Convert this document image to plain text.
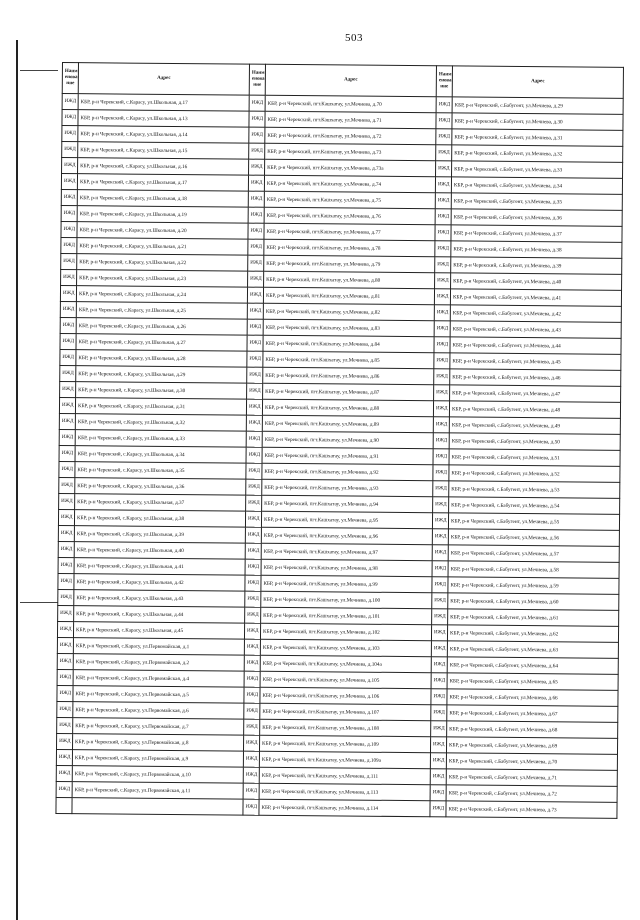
503
Наим енова ние	Адрес	Наим енова ние	Адрес	Наим енова ние	Адрес
ИЖД	КБР, р-н Черекский, с.Карасу, ул.Школьная, д.17	ИЖД	КБР, р-н Черекский, пгт.Кашхатау, ул.Мечиева, д.70	ИЖД	КБР, р-н Черекский, с.Бабугент, ул.Мечиева, д.29
ИЖД	КБР, р-н Черекский, с.Карасу, ул.Школьная, д.13	ИЖД	КБР, р-н Черекский, пгт.Кашхатау, ул.Мечиева, д.71	ИЖД	КБР, р-н Черекский, с.Бабугент, ул.Мечиева, д.30
ИЖД	КБР, р-н Черекский, с.Карасу, ул.Школьная, д.14	ИЖД	КБР, р-н Черекский, пгт.Кашхатау, ул.Мечиева, д.72	ИЖД	КБР, р-н Черекский, с.Бабугент, ул.Мечиева, д.31
ИЖД	КБР, р-н Черекский, с.Карасу, ул.Школьная, д.15	ИЖД	КБР, р-н Черекский, пгт.Кашхатау, ул.Мечиева, д.73	ИЖД	КБР, р-н Черекский, с.Бабугент, ул.Мечиева, д.32
ИЖД	КБР, р-н Черекский, с.Карасу, ул.Школьная, д.16	ИЖД	КБР, р-н Черекский, пгт.Кашхатау, ул.Мечиева, д.73а	ИЖД	КБР, р-н Черекский, с.Бабугент, ул.Мечиева, д.33
ИЖД	КБР, р-н Черекский, с.Карасу, ул.Школьная, д.17	ИЖД	КБР, р-н Черекский, пгт.Кашхатау, ул.Мечиева, д.74	ИЖД	КБР, р-н Черекский, с.Бабугент, ул.Мечиева, д.34
ИЖД	КБР, р-н Черекский, с.Карасу, ул.Школьная, д.18	ИЖД	КБР, р-н Черекский, пгт.Кашхатау, ул.Мечиева, д.75	ИЖД	КБР, р-н Черекский, с.Бабугент, ул.Мечиева, д.35
ИЖД	КБР, р-н Черекский, с.Карасу, ул.Школьная, д.19	ИЖД	КБР, р-н Черекский, пгт.Кашхатау, ул.Мечиева, д.76	ИЖД	КБР, р-н Черекский, с.Бабугент, ул.Мечиева, д.36
ИЖД	КБР, р-н Черекский, с.Карасу, ул.Школьная, д.20	ИЖД	КБР, р-н Черекский, пгт.Кашхатау, ул.Мечиева, д.77	ИЖД	КБР, р-н Черекский, с.Бабугент, ул.Мечиева, д.37
ИЖД	КБР, р-н Черекский, с.Карасу, ул.Школьная, д.21	ИЖД	КБР, р-н Черекский, пгт.Кашхатау, ул.Мечиева, д.78	ИЖД	КБР, р-н Черекский, с.Бабугент, ул.Мечиева, д.38
ИЖД	КБР, р-н Черекский, с.Карасу, ул.Школьная, д.22	ИЖД	КБР, р-н Черекский, пгт.Кашхатау, ул.Мечиева, д.79	ИЖД	КБР, р-н Черекский, с.Бабугент, ул.Мечиева, д.39
ИЖД	КБР, р-н Черекский, с.Карасу, ул.Школьная, д.23	ИЖД	КБР, р-н Черекский, пгт.Кашхатау, ул.Мечиева, д.80	ИЖД	КБР, р-н Черекский, с.Бабугент, ул.Мечиева, д.40
ИЖД	КБР, р-н Черекский, с.Карасу, ул.Школьная, д.24	ИЖД	КБР, р-н Черекский, пгт.Кашхатау, ул.Мечиева, д.81	ИЖД	КБР, р-н Черекский, с.Бабугент, ул.Мечиева, д.41
ИЖД	КБР, р-н Черекский, с.Карасу, ул.Школьная, д.25	ИЖД	КБР, р-н Черекский, пгт.Кашхатау, ул.Мечиева, д.82	ИЖД	КБР, р-н Черекский, с.Бабугент, ул.Мечиева, д.42
ИЖД	КБР, р-н Черекский, с.Карасу, ул.Школьная, д.26	ИЖД	КБР, р-н Черекский, пгт.Кашхатау, ул.Мечиева, д.83	ИЖД	КБР, р-н Черекский, с.Бабугент, ул.Мечиева, д.43
ИЖД	КБР, р-н Черекский, с.Карасу, ул.Школьная, д.27	ИЖД	КБР, р-н Черекский, пгт.Кашхатау, ул.Мечиева, д.84	ИЖД	КБР, р-н Черекский, с.Бабугент, ул.Мечиева, д.44
ИЖД	КБР, р-н Черекский, с.Карасу, ул.Школьная, д.28	ИЖД	КБР, р-н Черекский, пгт.Кашхатау, ул.Мечиева, д.85	ИЖД	КБР, р-н Черекский, с.Бабугент, ул.Мечиева, д.45
ИЖД	КБР, р-н Черекский, с.Карасу, ул.Школьная, д.29	ИЖД	КБР, р-н Черекский, пгт.Кашхатау, ул.Мечиева, д.86	ИЖД	КБР, р-н Черекский, с.Бабугент, ул.Мечиева, д.46
ИЖД	КБР, р-н Черекский, с.Карасу, ул.Школьная, д.30	ИЖД	КБР, р-н Черекский, пгт.Кашхатау, ул.Мечиева, д.87	ИЖД	КБР, р-н Черекский, с.Бабугент, ул.Мечиева, д.47
ИЖД	КБР, р-н Черекский, с.Карасу, ул.Школьная, д.31	ИЖД	КБР, р-н Черекский, пгт.Кашхатау, ул.Мечиева, д.88	ИЖД	КБР, р-н Черекский, с.Бабугент, ул.Мечиева, д.48
ИЖД	КБР, р-н Черекский, с.Карасу, ул.Школьная, д.32	ИЖД	КБР, р-н Черекский, пгт.Кашхатау, ул.Мечиева, д.89	ИЖД	КБР, р-н Черекский, с.Бабугент, ул.Мечиева, д.49
ИЖД	КБР, р-н Черекский, с.Карасу, ул.Школьная, д.33	ИЖД	КБР, р-н Черекский, пгт.Кашхатау, ул.Мечиева, д.90	ИЖД	КБР, р-н Черекский, с.Бабугент, ул.Мечиева, д.50
ИЖД	КБР, р-н Черекский, с.Карасу, ул.Школьная, д.34	ИЖД	КБР, р-н Черекский, пгт.Кашхатау, ул.Мечиева, д.91	ИЖД	КБР, р-н Черекский, с.Бабугент, ул.Мечиева, д.51
ИЖД	КБР, р-н Черекский, с.Карасу, ул.Школьная, д.35	ИЖД	КБР, р-н Черекский, пгт.Кашхатау, ул.Мечиева, д.92	ИЖД	КБР, р-н Черекский, с.Бабугент, ул.Мечиева, д.52
ИЖД	КБР, р-н Черекский, с.Карасу, ул.Школьная, д.36	ИЖД	КБР, р-н Черекский, пгт.Кашхатау, ул.Мечиева, д.93	ИЖД	КБР, р-н Черекский, с.Бабугент, ул.Мечиева, д.53
ИЖД	КБР, р-н Черекский, с.Карасу, ул.Школьная, д.37	ИЖД	КБР, р-н Черекский, пгт.Кашхатау, ул.Мечиева, д.94	ИЖД	КБР, р-н Черекский, с.Бабугент, ул.Мечиева, д.54
ИЖД	КБР, р-н Черекский, с.Карасу, ул.Школьная, д.38	ИЖД	КБР, р-н Черекский, пгт.Кашхатау, ул.Мечиева, д.95	ИЖД	КБР, р-н Черекский, с.Бабугент, ул.Мечиева, д.55
ИЖД	КБР, р-н Черекский, с.Карасу, ул.Школьная, д.39	ИЖД	КБР, р-н Черекский, пгт.Кашхатау, ул.Мечиева, д.96	ИЖД	КБР, р-н Черекский, с.Бабугент, ул.Мечиева, д.56
ИЖД	КБР, р-н Черекский, с.Карасу, ул.Школьная, д.40	ИЖД	КБР, р-н Черекский, пгт.Кашхатау, ул.Мечиева, д.97	ИЖД	КБР, р-н Черекский, с.Бабугент, ул.Мечиева, д.57
ИЖД	КБР, р-н Черекский, с.Карасу, ул.Школьная, д.41	ИЖД	КБР, р-н Черекский, пгт.Кашхатау, ул.Мечиева, д.98	ИЖД	КБР, р-н Черекский, с.Бабугент, ул.Мечиева, д.58
ИЖД	КБР, р-н Черекский, с.Карасу, ул.Школьная, д.42	ИЖД	КБР, р-н Черекский, пгт.Кашхатау, ул.Мечиева, д.99	ИЖД	КБР, р-н Черекский, с.Бабугент, ул.Мечиева, д.59
ИЖД	КБР, р-н Черекский, с.Карасу, ул.Школьная, д.43	ИЖД	КБР, р-н Черекский, пгт.Кашхатау, ул.Мечиева, д.100	ИЖД	КБР, р-н Черекский, с.Бабугент, ул.Мечиева, д.60
ИЖД	КБР, р-н Черекский, с.Карасу, ул.Школьная, д.44	ИЖД	КБР, р-н Черекский, пгт.Кашхатау, ул.Мечиева, д.101	ИЖД	КБР, р-н Черекский, с.Бабугент, ул.Мечиева, д.61
ИЖД	КБР, р-н Черекский, с.Карасу, ул.Школьная, д.45	ИЖД	КБР, р-н Черекский, пгт.Кашхатау, ул.Мечиева, д.102	ИЖД	КБР, р-н Черекский, с.Бабугент, ул.Мечиева, д.62
ИЖД	КБР, р-н Черекский, с.Карасу, ул.Первомайская, д.1	ИЖД	КБР, р-н Черекский, пгт.Кашхатау, ул.Мечиева, д.103	ИЖД	КБР, р-н Черекский, с.Бабугент, ул.Мечиева, д.63
ИЖД	КБР, р-н Черекский, с.Карасу, ул.Первомайская, д.2	ИЖД	КБР, р-н Черекский, пгт.Кашхатау, ул.Мечиева, д.104а	ИЖД	КБР, р-н Черекский, с.Бабугент, ул.Мечиева, д.64
ИЖД	КБР, р-н Черекский, с.Карасу, ул.Первомайская, д.4	ИЖД	КБР, р-н Черекский, пгт.Кашхатау, ул.Мечиева, д.105	ИЖД	КБР, р-н Черекский, с.Бабугент, ул.Мечиева, д.65
ИЖД	КБР, р-н Черекский, с.Карасу, ул.Первомайская, д.5	ИЖД	КБР, р-н Черекский, пгт.Кашхатау, ул.Мечиева, д.106	ИЖД	КБР, р-н Черекский, с.Бабугент, ул.Мечиева, д.66
ИЖД	КБР, р-н Черекский, с.Карасу, ул.Первомайская, д.6	ИЖД	КБР, р-н Черекский, пгт.Кашхатау, ул.Мечиева, д.107	ИЖД	КБР, р-н Черекский, с.Бабугент, ул.Мечиева, д.67
ИЖД	КБР, р-н Черекский, с.Карасу, ул.Первомайская, д.7	ИЖД	КБР, р-н Черекский, пгт.Кашхатау, ул.Мечиева, д.108	ИЖД	КБР, р-н Черекский, с.Бабугент, ул.Мечиева, д.68
ИЖД	КБР, р-н Черекский, с.Карасу, ул.Первомайская, д.8	ИЖД	КБР, р-н Черекский, пгт.Кашхатау, ул.Мечиева, д.109	ИЖД	КБР, р-н Черекский, с.Бабугент, ул.Мечиева, д.69
ИЖД	КБР, р-н Черекский, с.Карасу, ул.Первомайская, д.9	ИЖД	КБР, р-н Черекский, пгт.Кашхатау, ул.Мечиева, д.109а	ИЖД	КБР, р-н Черекский, с.Бабугент, ул.Мечиева, д.70
ИЖД	КБР, р-н Черекский, с.Карасу, ул.Первомайская, д.10	ИЖД	КБР, р-н Черекский, пгт.Кашхатау, ул.Мечиева, д.111	ИЖД	КБР, р-н Черекский, с.Бабугент, ул.Мечиева, д.71
ИЖД	КБР, р-н Черекский, с.Карасу, ул.Первомайская, д.11	ИЖД	КБР, р-н Черекский, пгт.Кашхатау, ул.Мечиева, д.113	ИЖД	КБР, р-н Черекский, с.Бабугент, ул.Мечиева, д.72
		ИЖД	КБР, р-н Черекский, пгт.Кашхатау, ул.Мечиева, д.114	ИЖД	КБР, р-н Черекский, с.Бабугент, ул.Мечиева, д.73
